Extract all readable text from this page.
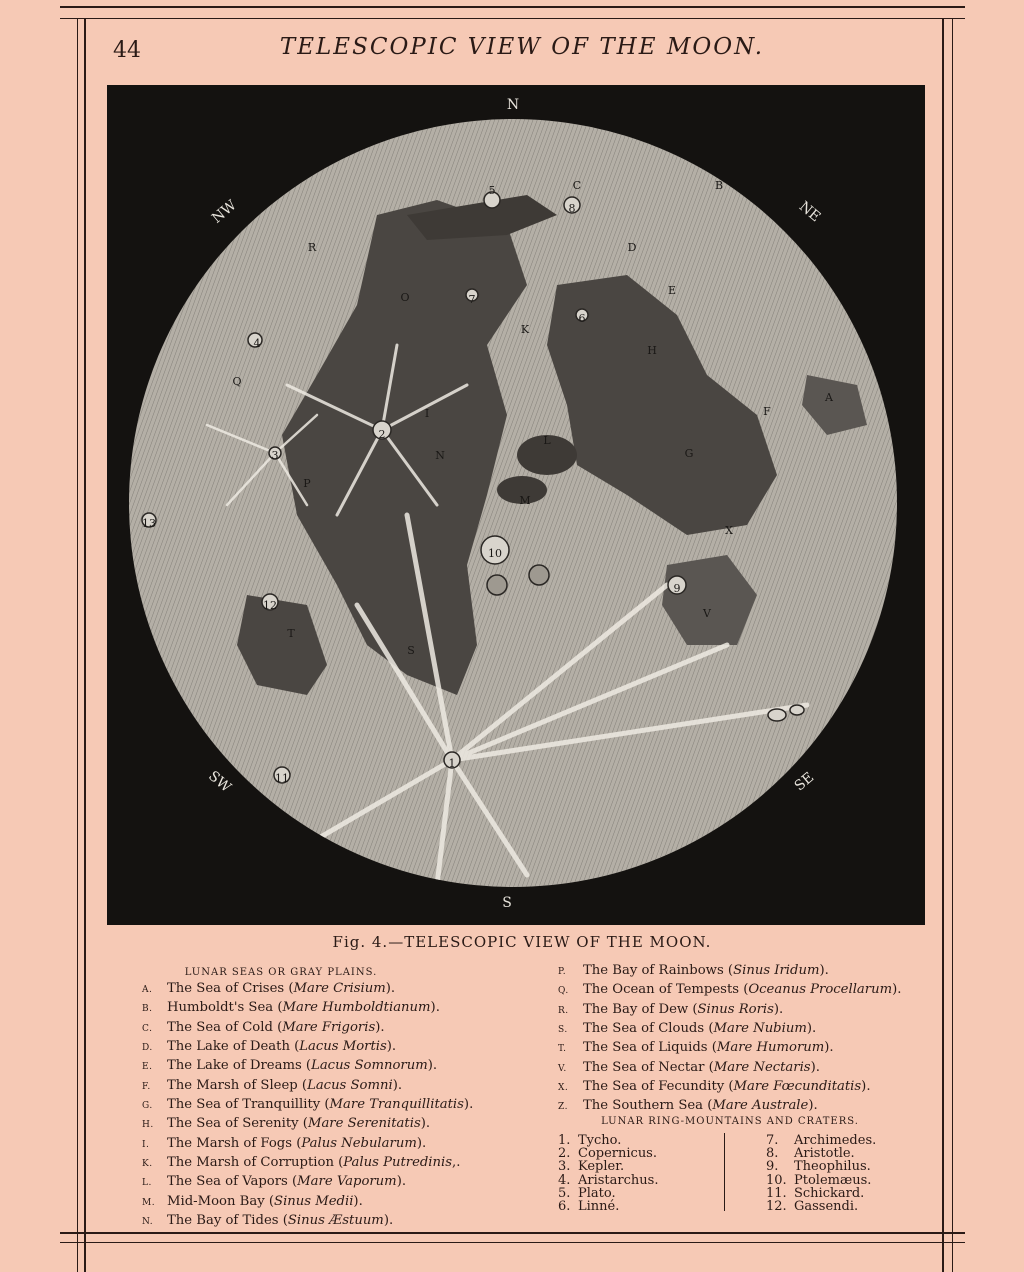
44	TELESCOPIC VIEW OF THE MOON.
N
NE
NW
S
SE
SW
A
B
C
D
E
F
G
H
I
K
L
M
N
O
P
Q
R
S
T
V
X
1
2
3
4
5
6
7
8
9
10
11
12
13
Fig. 4.—TELESCOPIC VIEW OF THE MOON.
LUNAR SEAS OR GRAY PLAINS.
A. The Sea of Crises (Mare Crisium).
B. Humboldt's Sea (Mare Humboldtianum).
C. The Sea of Cold (Mare Frigoris).
D. The Lake of Death (Lacus Mortis).
E. The Lake of Dreams (Lacus Somnorum).
F. The Marsh of Sleep (Lacus Somni).
G. The Sea of Tranquillity (Mare Tranquillitatis).
H. The Sea of Serenity (Mare Serenitatis).
I. The Marsh of Fogs (Palus Nebularum).
K. The Marsh of Corruption (Palus Putredinis,.
L. The Sea of Vapors (Mare Vaporum).
M. Mid-Moon Bay (Sinus Medii).
N. The Bay of Tides (Sinus Æstuum).
P. The Bay of Rainbows (Sinus Iridum).
Q. The Ocean of Tempests (Oceanus Procellarum).
R. The Bay of Dew (Sinus Roris).
S. The Sea of Clouds (Mare Nubium).
T. The Sea of Liquids (Mare Humorum).
V. The Sea of Nectar (Mare Nectaris).
X. The Sea of Fecundity (Mare Fœcunditatis).
Z. The Southern Sea (Mare Australe).
LUNAR RING-MOUNTAINS AND CRATERS.
1. Tycho.
2. Copernicus.
3. Kepler.
4. Aristarchus.
5. Plato.
6. Linné.
7. Archimedes.
8. Aristotle.
9. Theophilus.
10. Ptolemæus.
11. Schickard.
12. Gassendi.
